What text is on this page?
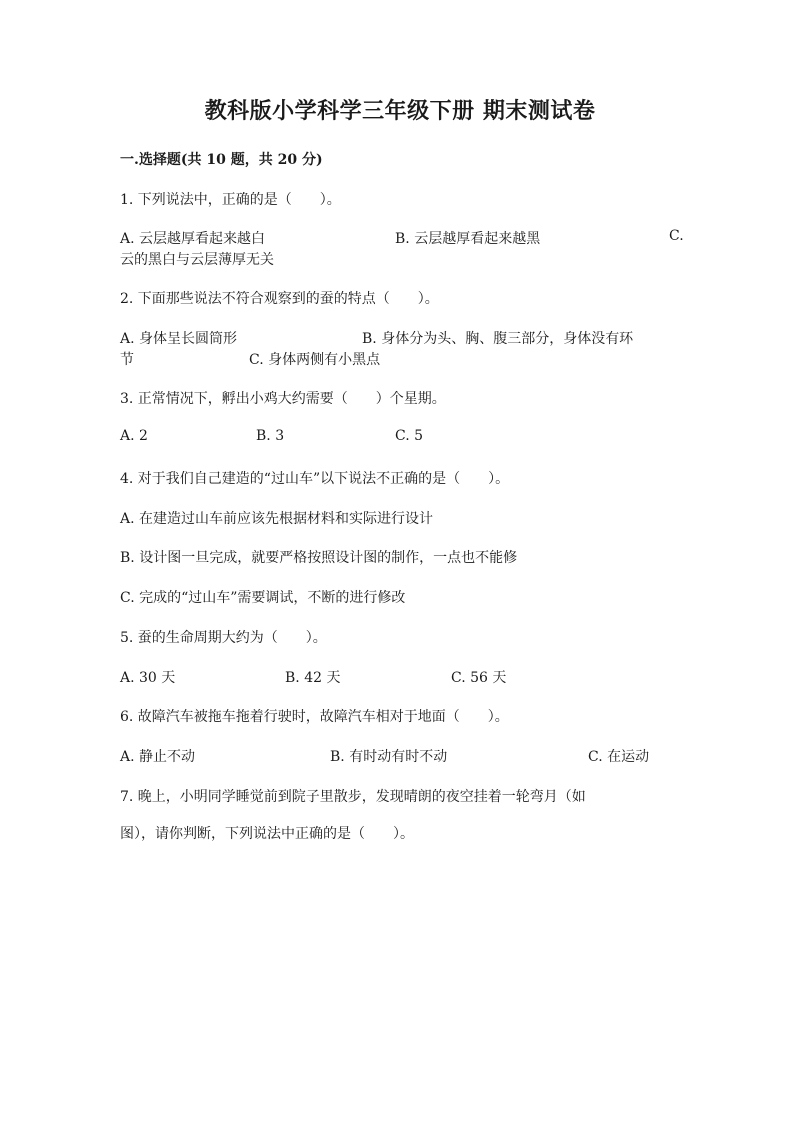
教科版小学科学三年级下册 期末测试卷
一.选择题(共 10 题，共 20 分)
1. 下列说法中，正确的是（　　）。
A. 云层越厚看起来越白	B. 云层越厚看起来越黑	C.
云的黑白与云层薄厚无关
2. 下面那些说法不符合观察到的蚕的特点（　　）。
A. 身体呈长圆筒形	B. 身体分为头、胸、腹三部分，身体没有环
节	C. 身体两侧有小黑点
3. 正常情况下，孵出小鸡大约需要（　　）个星期。
A. 2	B. 3	C. 5
4. 对于我们自己建造的“过山车”以下说法不正确的是（　　）。
A. 在建造过山车前应该先根据材料和实际进行设计
B. 设计图一旦完成，就要严格按照设计图的制作，一点也不能修
C. 完成的“过山车”需要调试，不断的进行修改
5. 蚕的生命周期大约为（　　）。
A. 30 天	B. 42 天	C. 56 天
6. 故障汽车被拖车拖着行驶时，故障汽车相对于地面（　　）。
A. 静止不动	B. 有时动有时不动	C. 在运动
7. 晚上，小明同学睡觉前到院子里散步，发现晴朗的夜空挂着一轮弯月（如
图），请你判断，下列说法中正确的是（　　）。
